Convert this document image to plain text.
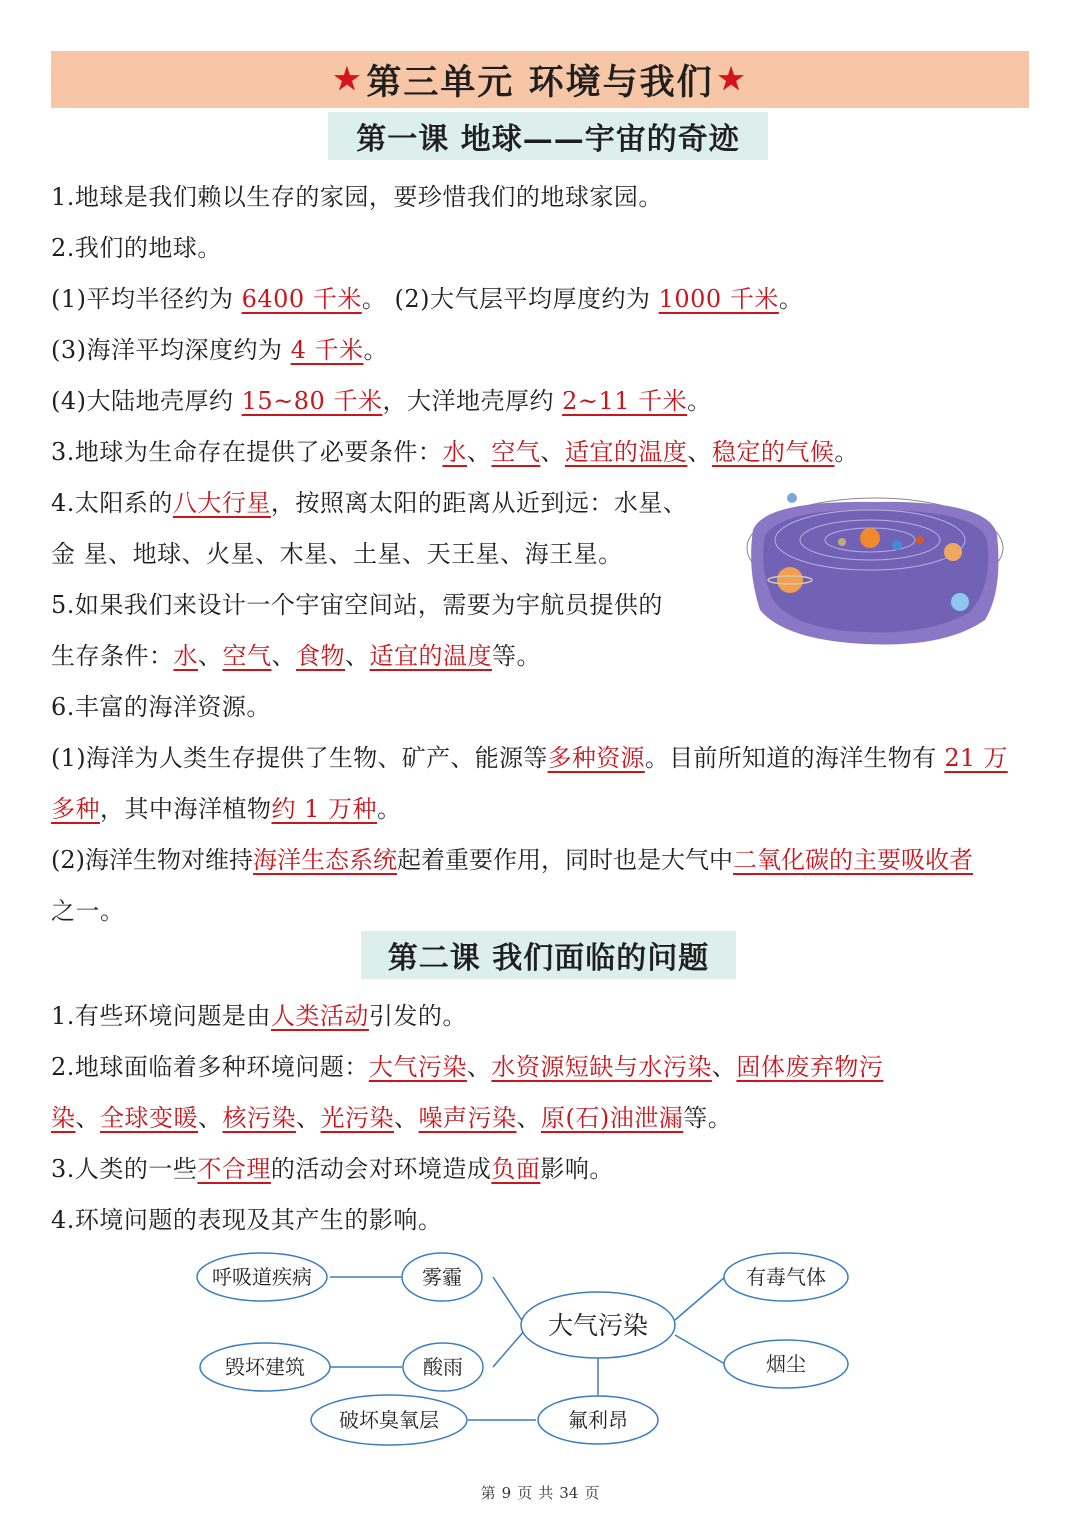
★ 第三单元 环境与我们 ★
第一课 地球——宇宙的奇迹
1.地球是我们赖以生存的家园，要珍惜我们的地球家园。
2.我们的地球。
(1)平均半径约为 6400 千米。 (2)大气层平均厚度约为 1000 千米。
(3)海洋平均深度约为 4 千米。
(4)大陆地壳厚约 15~80 千米，大洋地壳厚约 2~11 千米。
3.地球为生命存在提供了必要条件：水、空气、适宜的温度、稳定的气候。
4.太阳系的八大行星，按照离太阳的距离从近到远：水星、
金 星、地球、火星、木星、土星、天王星、海王星。
5.如果我们来设计一个宇宙空间站，需要为宇航员提供的
生存条件：水、空气、食物、适宜的温度等。
6.丰富的海洋资源。
(1)海洋为人类生存提供了生物、矿产、能源等多种资源。目前所知道的海洋生物有 21 万
多种，其中海洋植物约 1 万种。
(2)海洋生物对维持海洋生态系统起着重要作用，同时也是大气中二氧化碳的主要吸收者
之一。
第二课 我们面临的问题
1.有些环境问题是由人类活动引发的。
2.地球面临着多种环境问题：大气污染、水资源短缺与水污染、固体废弃物污
染、全球变暖、核污染、光污染、噪声污染、原(石)油泄漏等。
3.人类的一些不合理的活动会对环境造成负面影响。
4.环境问题的表现及其产生的影响。
呼吸道疾病	雾霾
毁坏建筑	酸雨
破坏臭氧层	氟利昂
大气污染
有毒气体
烟尘
第 9 页 共 34 页
